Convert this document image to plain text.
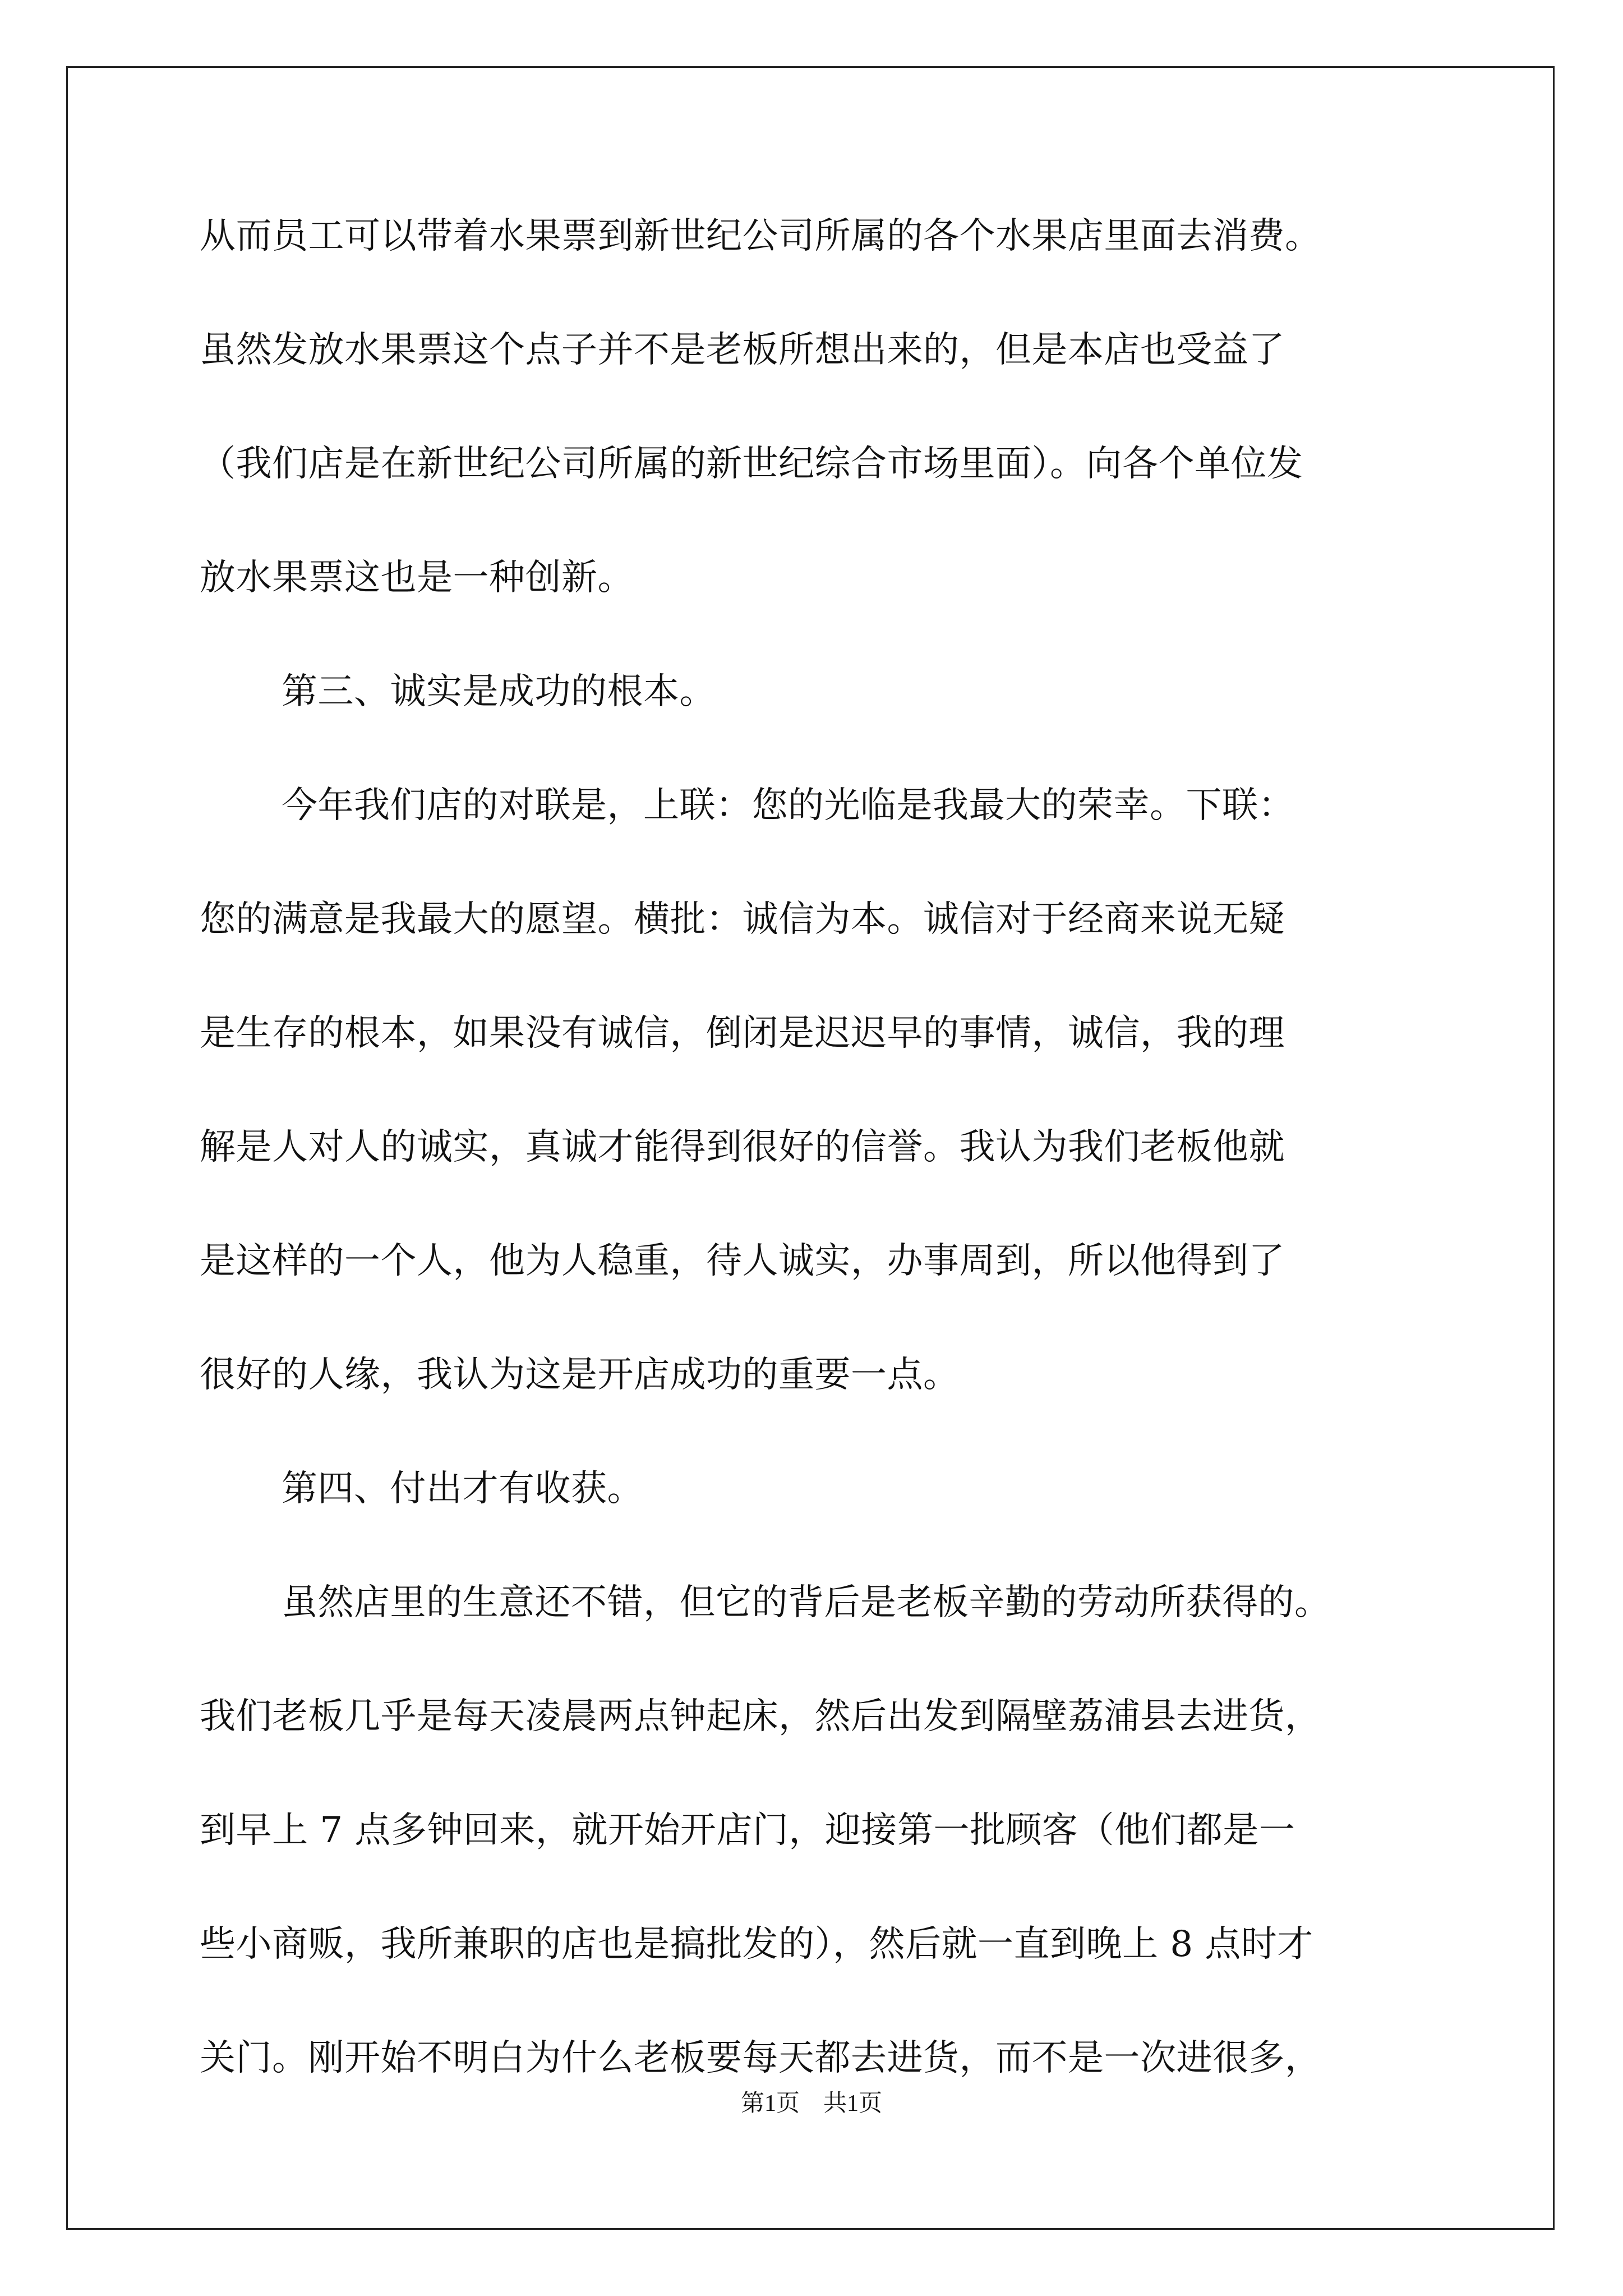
从而员工可以带着水果票到新世纪公司所属的各个水果店里面去消费。
虽然发放水果票这个点子并不是老板所想出来的，但是本店也受益了
（我们店是在新世纪公司所属的新世纪综合市场里面）。向各个单位发
放水果票这也是一种创新。
第三、诚实是成功的根本。
今年我们店的对联是，上联：您的光临是我最大的荣幸。下联：
您的满意是我最大的愿望。横批：诚信为本。诚信对于经商来说无疑
是生存的根本，如果没有诚信，倒闭是迟迟早的事情，诚信，我的理
解是人对人的诚实，真诚才能得到很好的信誉。我认为我们老板他就
是这样的一个人，他为人稳重，待人诚实，办事周到，所以他得到了
很好的人缘，我认为这是开店成功的重要一点。
第四、付出才有收获。
虽然店里的生意还不错，但它的背后是老板辛勤的劳动所获得的。
我们老板几乎是每天凌晨两点钟起床，然后出发到隔壁荔浦县去进货，
到早上 7 点多钟回来，就开始开店门，迎接第一批顾客（他们都是一
些小商贩，我所兼职的店也是搞批发的），然后就一直到晚上 8 点时才
关门。刚开始不明白为什么老板要每天都去进货，而不是一次进很多，
第1页　共1页
